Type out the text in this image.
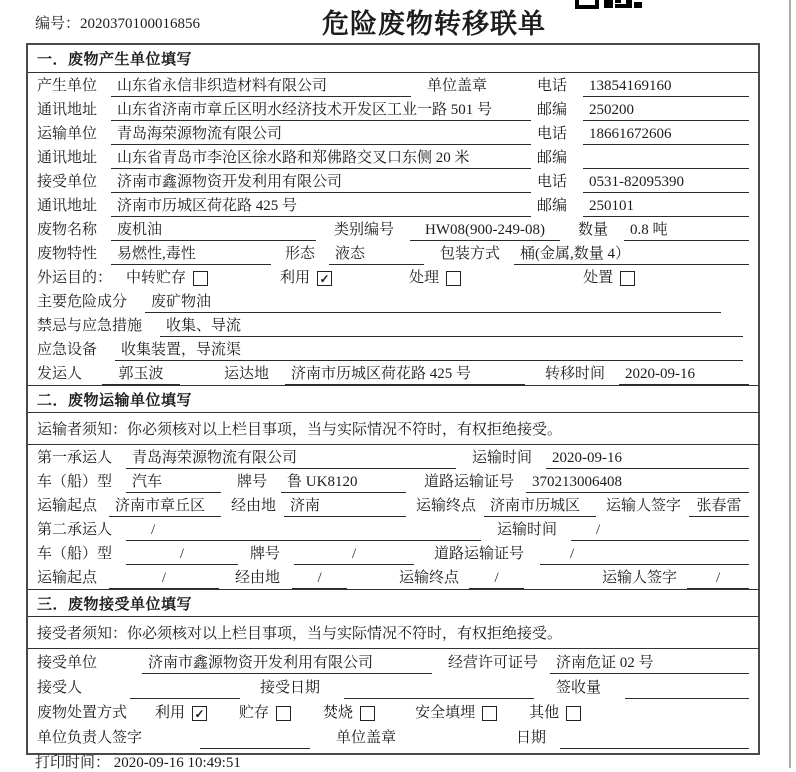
编号：2020370100016856	危险废物转移联单
一．废物产生单位填写
产生单位	山东省永信非织造材料有限公司	单位盖章	电话	13854169160
通讯地址	山东省济南市章丘区明水经济技术开发区工业一路 501 号	邮编	250200
运输单位	青岛海荣源物流有限公司	电话	18661672606
通讯地址	山东省青岛市李沧区徐水路和郑佛路交叉口东侧 20 米	邮编
接受单位	济南市鑫源物资开发利用有限公司	电话	0531-82095390
通讯地址	济南市历城区荷花路 425 号	邮编	250101
废物名称	废机油	类别编号	HW08(900-249-08)	数量	0.8 吨
废物特性	易燃性,毒性	形态	液态	包装方式	桶(金属,数量 4）
外运目的： 中转贮存	利用 ✓	处理	处置
主要危险成分	废矿物油
禁忌与应急措施	收集、导流
应急设备	收集装置，导流渠
发运人	郭玉波	运达地	济南市历城区荷花路 425 号	转移时间	2020-09-16
二．废物运输单位填写
运输者须知：你必须核对以上栏目事项，当与实际情况不符时，有权拒绝接受。
第一承运人	青岛海荣源物流有限公司	运输时间	2020-09-16
车（船）型	汽车	牌号	鲁 UK8120	道路运输证号	370213006408
运输起点	济南市章丘区	经由地 济南	运输终点 济南市历城区	运输人签字	张春雷
第二承运人	/	运输时间	/
车（船）型	/	牌号	/	道路运输证号	/
运输起点	/	经由地	/	运输终点	/	运输人签字	/
三．废物接受单位填写
接受者须知：你必须核对以上栏目事项，当与实际情况不符时，有权拒绝接受。
接受单位	济南市鑫源物资开发利用有限公司	经营许可证号	济南危证 02 号
接受人	接受日期	签收量
废物处置方式 利用 ✓ 贮存	焚烧	安全填埋	其他
单位负责人签字	单位盖章	日期
打印时间： 2020-09-16 10:49:51
